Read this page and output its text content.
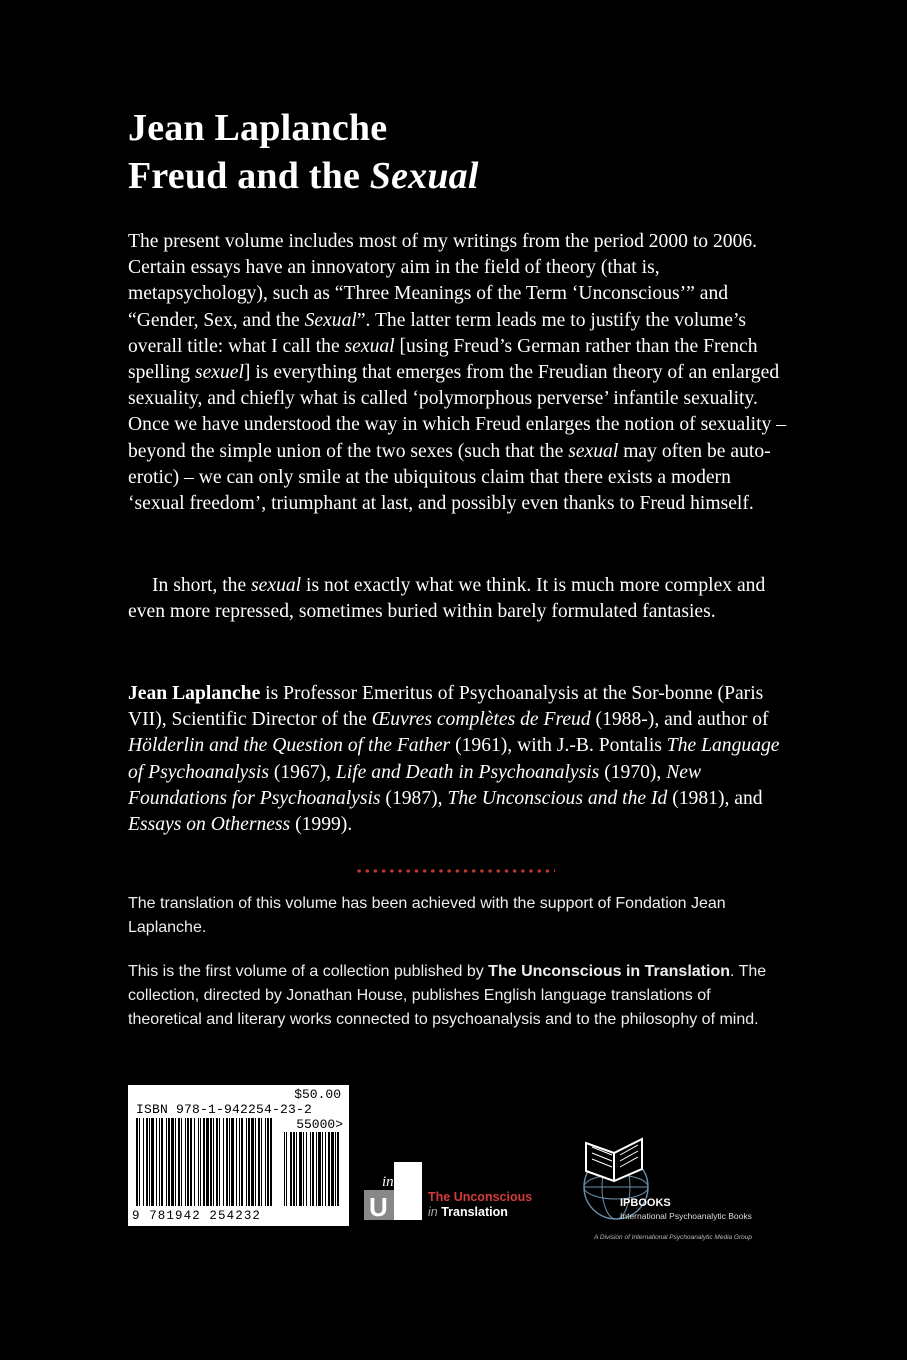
Jean Laplanche
Freud and the Sexual
The present volume includes most of my writings from the period 2000 to 2006. Certain essays have an innovatory aim in the field of theory (that is, metapsychology), such as “Three Meanings of the Term ‘Unconscious’” and “Gender, Sex, and the Sexual”. The latter term leads me to justify the volume’s overall title: what I call the sexual [using Freud’s German rather than the French spelling sexuel] is everything that emerges from the Freudian theory of an enlarged sexuality, and chiefly what is called ‘polymorphous perverse’ infantile sexuality. Once we have understood the way in which Freud enlarges the notion of sexuality – beyond the simple union of the two sexes (such that the sexual may often be auto-erotic) – we can only smile at the ubiquitous claim that there exists a modern ‘sexual freedom’, triumphant at last, and possibly even thanks to Freud himself.
In short, the sexual is not exactly what we think. It is much more complex and even more repressed, sometimes buried within barely formulated fantasies.
Jean Laplanche is Professor Emeritus of Psychoanalysis at the Sor-bonne (Paris VII), Scientific Director of the Œuvres complètes de Freud (1988-), and author of Hölderlin and the Question of the Father (1961), with J.-B. Pontalis The Language of Psychoanalysis (1967), Life and Death in Psychoanalysis (1970), New Foundations for Psychoanalysis (1987), The Unconscious and the Id (1981), and Essays on Otherness (1999).
The translation of this volume has been achieved with the support of Fondation Jean Laplanche.
This is the first volume of a collection published by The Unconscious in Translation. The collection, directed by Jonathan House, publishes English language translations of theoretical and literary works connected to psychoanalysis and to the philosophy of mind.
$50.00
ISBN 978-1-942254-23-2
55000>
9 781942 254232	U
inT
The Unconscious
in Translation
IPBOOKS
International Psychoanalytic Books
A Division of International Psychoanalytic Media Group
